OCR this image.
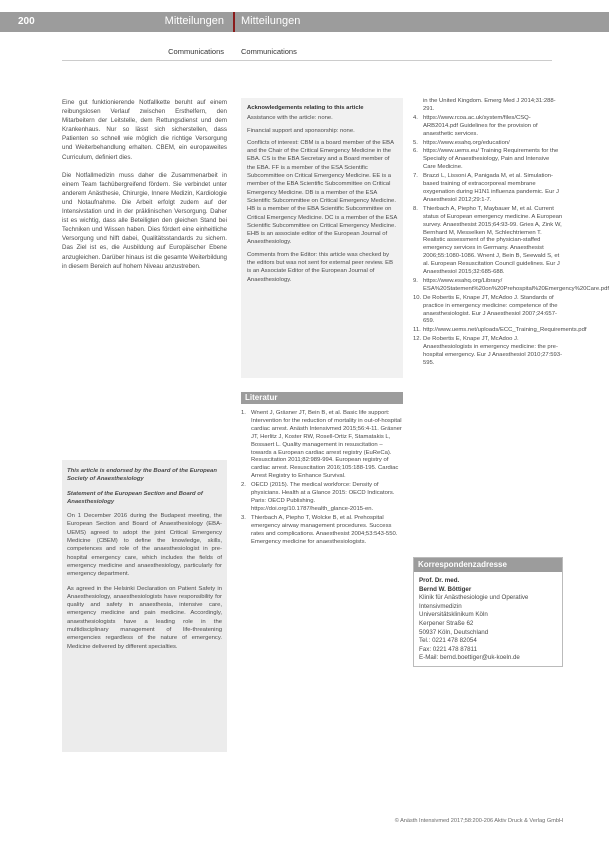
200	Mitteilungen Mitteilungen
Communications Communications

Eine gut funktionierende Notfallkette beruht auf einem reibungslosen Verlauf zwischen Ersthelfern, den Mitarbeitern der Leitstelle, dem Rettungsdienst und dem Krankenhaus. Nur so lässt sich sicherstellen, dass Patienten so schnell wie möglich die richtige Versorgung und Weiterbehandlung erhalten. CBEM, ein europaweites Curriculum, definiert dies.

Die Notfallmedizin muss daher die Zusammenarbeit in einem Team fachübergreifend fördern. Sie verbindet unter anderem Anästhesie, Chirurgie, Innere Medizin, Kardiologie und Notaufnahme. Die Arbeit erfolgt zudem auf der Intensivstation und in der präklinischen Versorgung. Daher ist es wichtig, dass alle Beteiligten den gleichen Stand bei Techniken und Wissen haben. Dies fördert eine einheitliche Versorgung und hilft dabei, Qualitätsstandards zu sichern. Das Ziel ist es, die Ausbildung auf Europäischer Ebene anzugleichen. Darüber hinaus ist die gesamte Weiterbildung in diesem Bereich auf hohem Niveau anzustreben.

This article is endorsed by the Board of the European Society of Anaesthesiology
Statement of the European Section and Board of Anaesthesiology

On 1 December 2016 during the Budapest meeting, the European Section and Board of Anaesthesiology (EBA-UEMS) agreed to adopt the joint Critical Emergency Medicine (CBEM) to define the knowledge, skills, competences and role of the anaesthesiologist in pre-hospital emergency care, which includes the fields of emergency medicine and anaesthesiology, particularly for emergency department.

As agreed in the Helsinki Declaration on Patient Safety in Anaesthesiology, anaesthesiologists have responsibility for quality and safety in anaesthesia, intensive care, emergency medicine and pain medicine. Accordingly, anaesthesiologists have a leading role in the multidisciplinary management of life-threatening emergencies regardless of the nature of emergency. Medicine delivered by different specialties.

Acknowledgements relating to this article

Assistance with the article: none.

Financial support and sponsorship: none.

Conflicts of interest: CBM is a board member of the EBA and the Chair of the Critical Emergency Medicine in the EBA. CS is the EBA Secretary and a Board member of the EBA. FF is a member of the ESA Scientific Subcommittee on Critical Emergency Medicine. EE is a member of the EBA Scientific Subcommittee on Critical Emergency Medicine. DB is a member of the ESA Scientific Subcommittee on Critical Emergency Medicine. HB is a member of the EBA Scientific Subcommittee on Critical Emergency Medicine. DC is a member of the ESA Scientific Subcommittee on Critical Emergency Medicine. EHB is an associate editor of the European Journal of Anaesthesiology.

Comments from the Editor: this article was checked by the editors but was not sent for external peer review. EB is an Associate Editor of the European Journal of Anaesthesiology.

Literatur
1. Wnent J, Gräsner JT, Bein B, et al. Basic life support: Intervention for the reduction of mortality in out-of-hospital cardiac arrest. Anästh Intensivmed 2015;56:4-11. Gräsner JT, Herlitz J, Koster RW, Rosell-Ortiz F, Stamatakis L, Bossaert L. Quality management in resuscitation – towards a European cardiac arrest registry (EuReCa). Resuscitation 2011;82:989-994. European registry of cardiac arrest. Resuscitation 2016;105:188-195. Cardiac Arrest Registry to Enhance Survival.
2. OECD (2015). The medical workforce: Density of physicians. Health at a Glance 2015: OECD Indicators. Paris: OECD Publishing. https://doi.org/10.1787/health_glance-2015-en.
3. Thierbach A, Piepho T, Wolcke B, et al. Prehospital emergency airway management procedures. Success rates and complications. Anaesthesist 2004;53:543-550. Emergency medicine for anaesthesiologists.
in the United Kingdom. Emerg Med J 2014;31:288-291.
4. https://www.rcoa.ac.uk/system/files/CSQ-ARB2014.pdf Guidelines for the provision of anaesthetic services.
5. https://www.esahq.org/education/
6. https://www.uems.eu/ Training Requirements for the Specialty of Anaesthesiology, Pain and Intensive Care Medicine.
7. Brazzi L, Lissoni A, Panigada M, et al. Simulation-based training of extracorporeal membrane oxygenation during H1N1 influenza pandemic. Eur J Anaesthesiol 2012;29:1-7.
8. Thierbach A, Piepho T, Maybauer M, et al. Current status of European emergency medicine. A European survey. Anaesthesist 2015;64:93-99. Gries A, Zink W, Bernhard M, Messelken M, Schlechtriemen T. Realistic assessment of the physician-staffed emergency services in Germany. Anaesthesist 2006;55:1080-1086. Wnent J, Bein B, Seewald S, et al. European Resuscitation Council guidelines. Eur J Anaesthesiol 2015;32:685-688.
9. https://www.esahq.org/Library/ ESA%20Statement%20on%20Prehospital%20Emergency%20Care.pdf
10. De Robertis E, Knape JT, McAdoo J. Standards of practice in emergency medicine: competence of the anaesthesiologist. Eur J Anaesthesiol 2007;24:657-659.
11. http://www.uems.net/uploads/ECC_Training_Requirements.pdf
12. De Robertis E, Knape JT, McAdoo J. Anaesthesiologists in emergency medicine: the pre-hospital emergency. Eur J Anaesthesiol 2010;27:593-595.
Korrespondenzadresse
Prof. Dr. med.
Bernd W. Böttiger
Klinik für Anästhesiologie und Operative Intensivmedizin
Universitätsklinikum Köln
Kerpener Straße 62
50937 Köln, Deutschland
Tel.: 0221 478 82054
Fax: 0221 478 87811
E-Mail: bernd.boettiger@uk-koeln.de
© Anästh Intensivmed 2017;58:200-206 Aktiv Druck & Verlag GmbH
